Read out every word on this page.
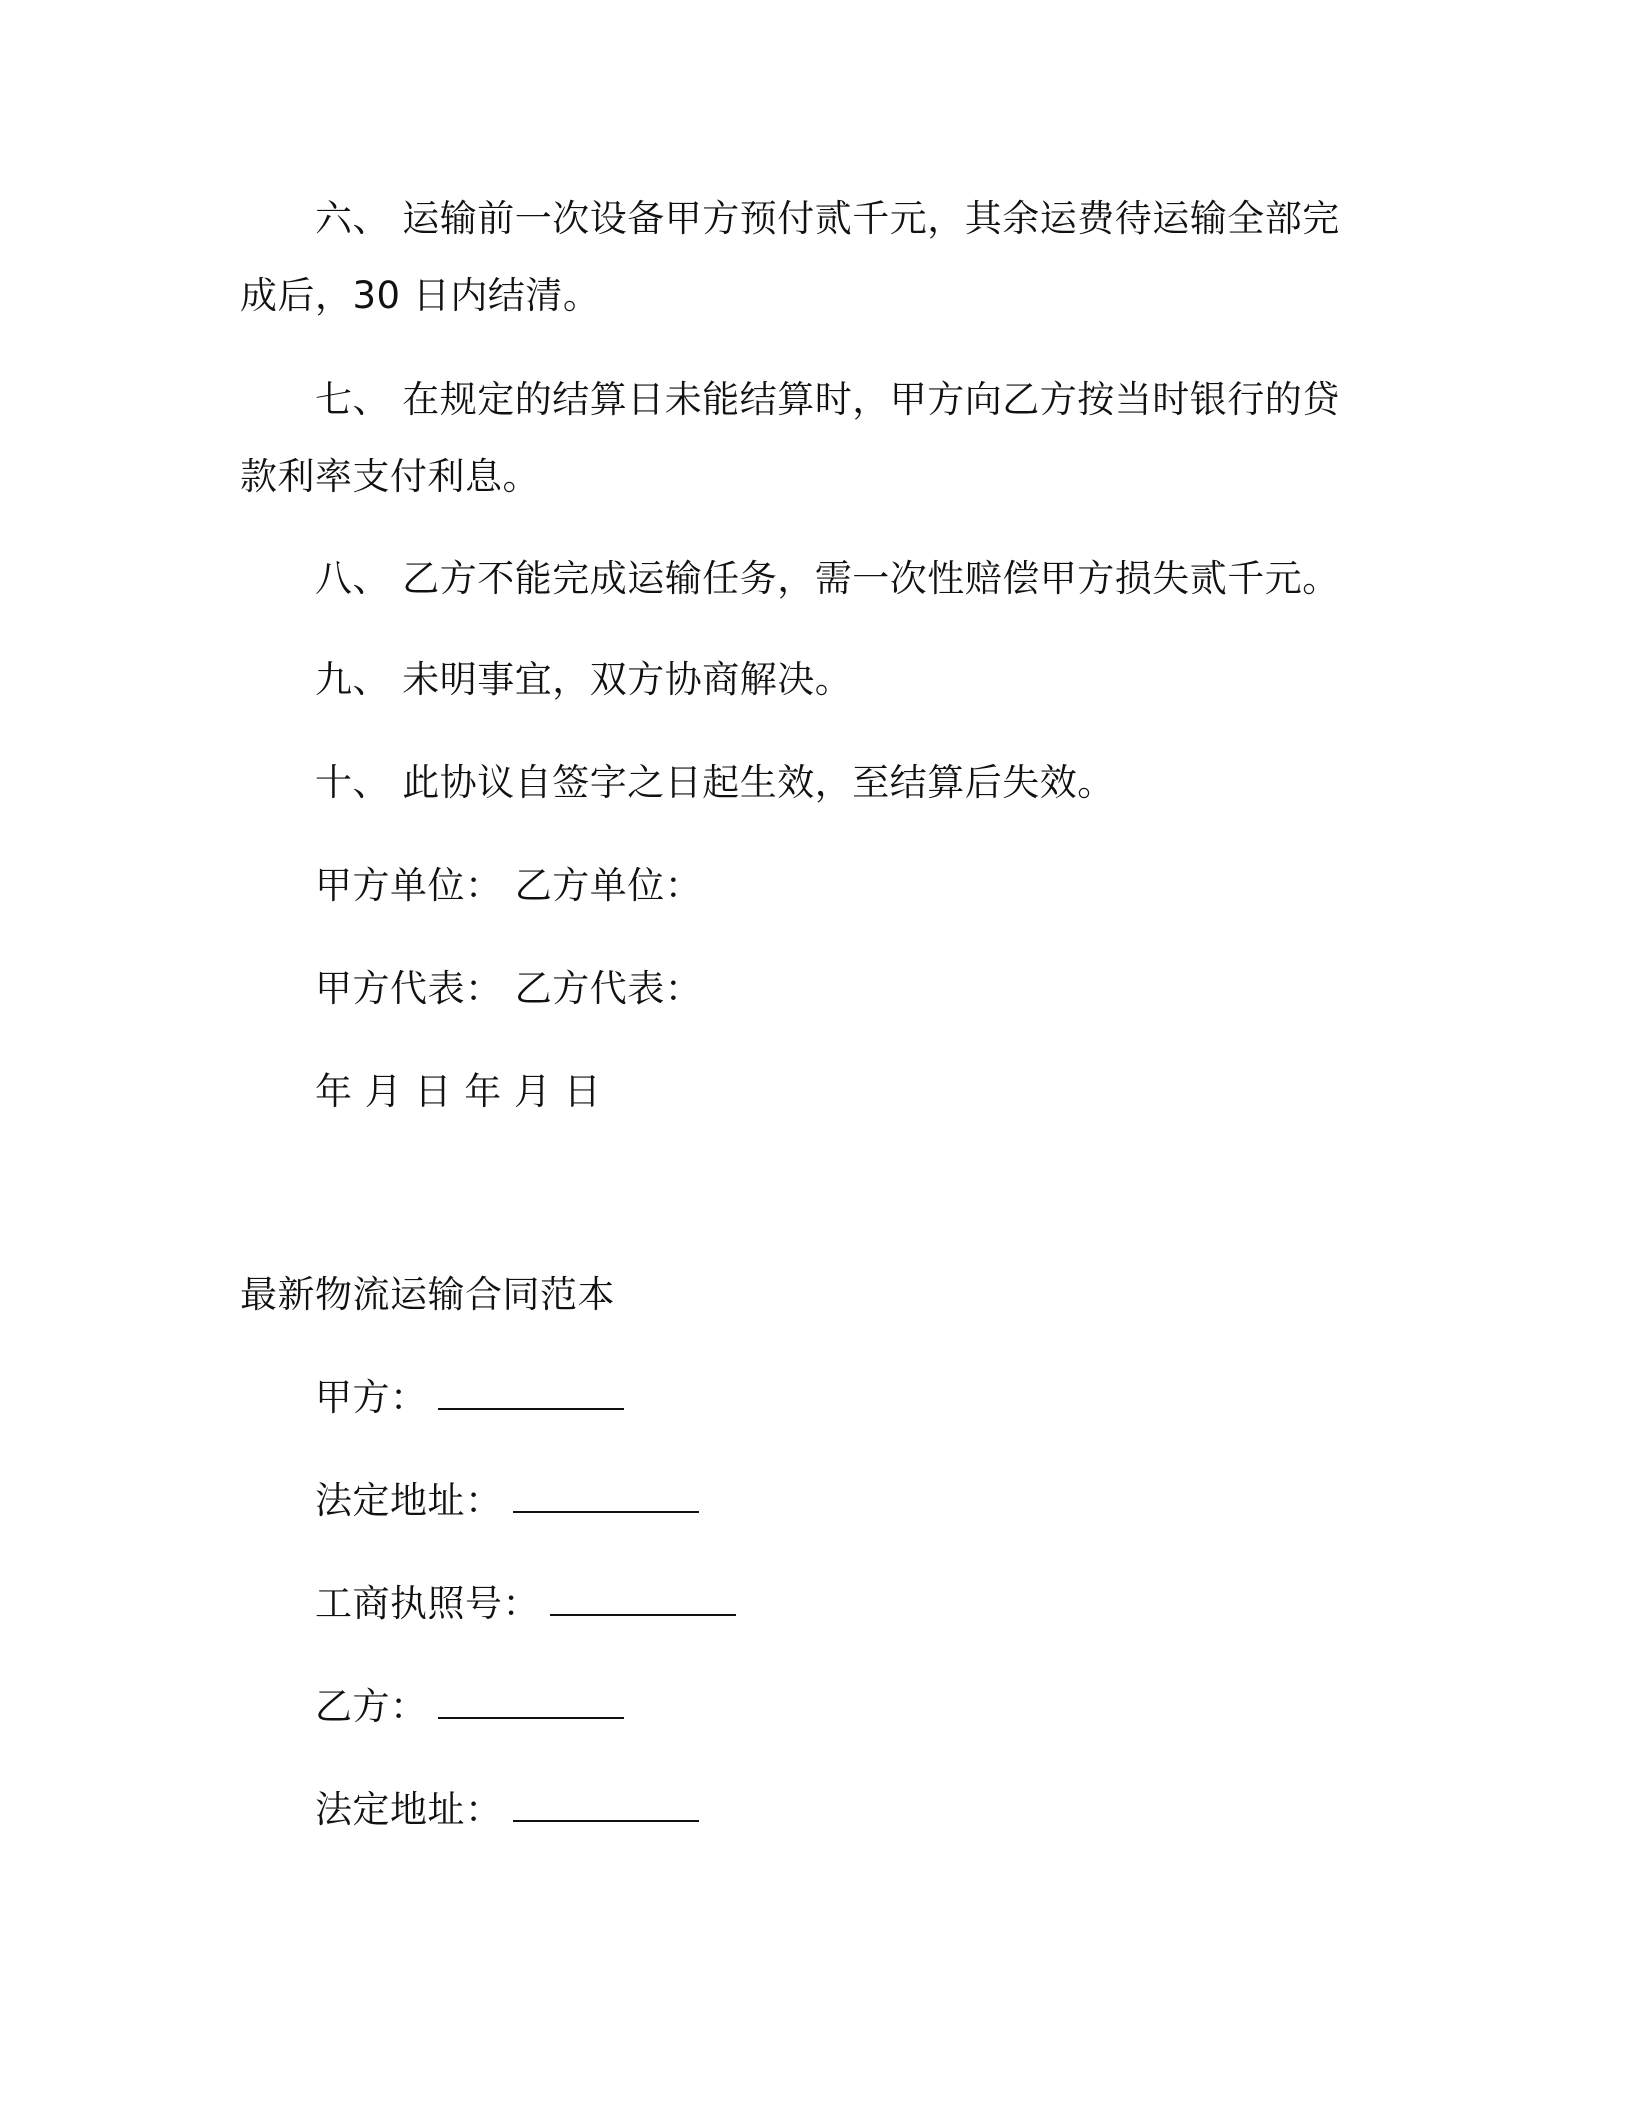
六、 运输前一次设备甲方预付贰千元，其余运费待运输全部完成后，30 日内结清。
七、 在规定的结算日未能结算时，甲方向乙方按当时银行的贷款利率支付利息。
八、 乙方不能完成运输任务，需一次性赔偿甲方损失贰千元。
九、 未明事宜，双方协商解决。
十、 此协议自签字之日起生效，至结算后失效。
甲方单位： 乙方单位：
甲方代表： 乙方代表：
年 月 日 年 月 日
最新物流运输合同范本
甲方：
法定地址：
工商执照号：
乙方：
法定地址：
